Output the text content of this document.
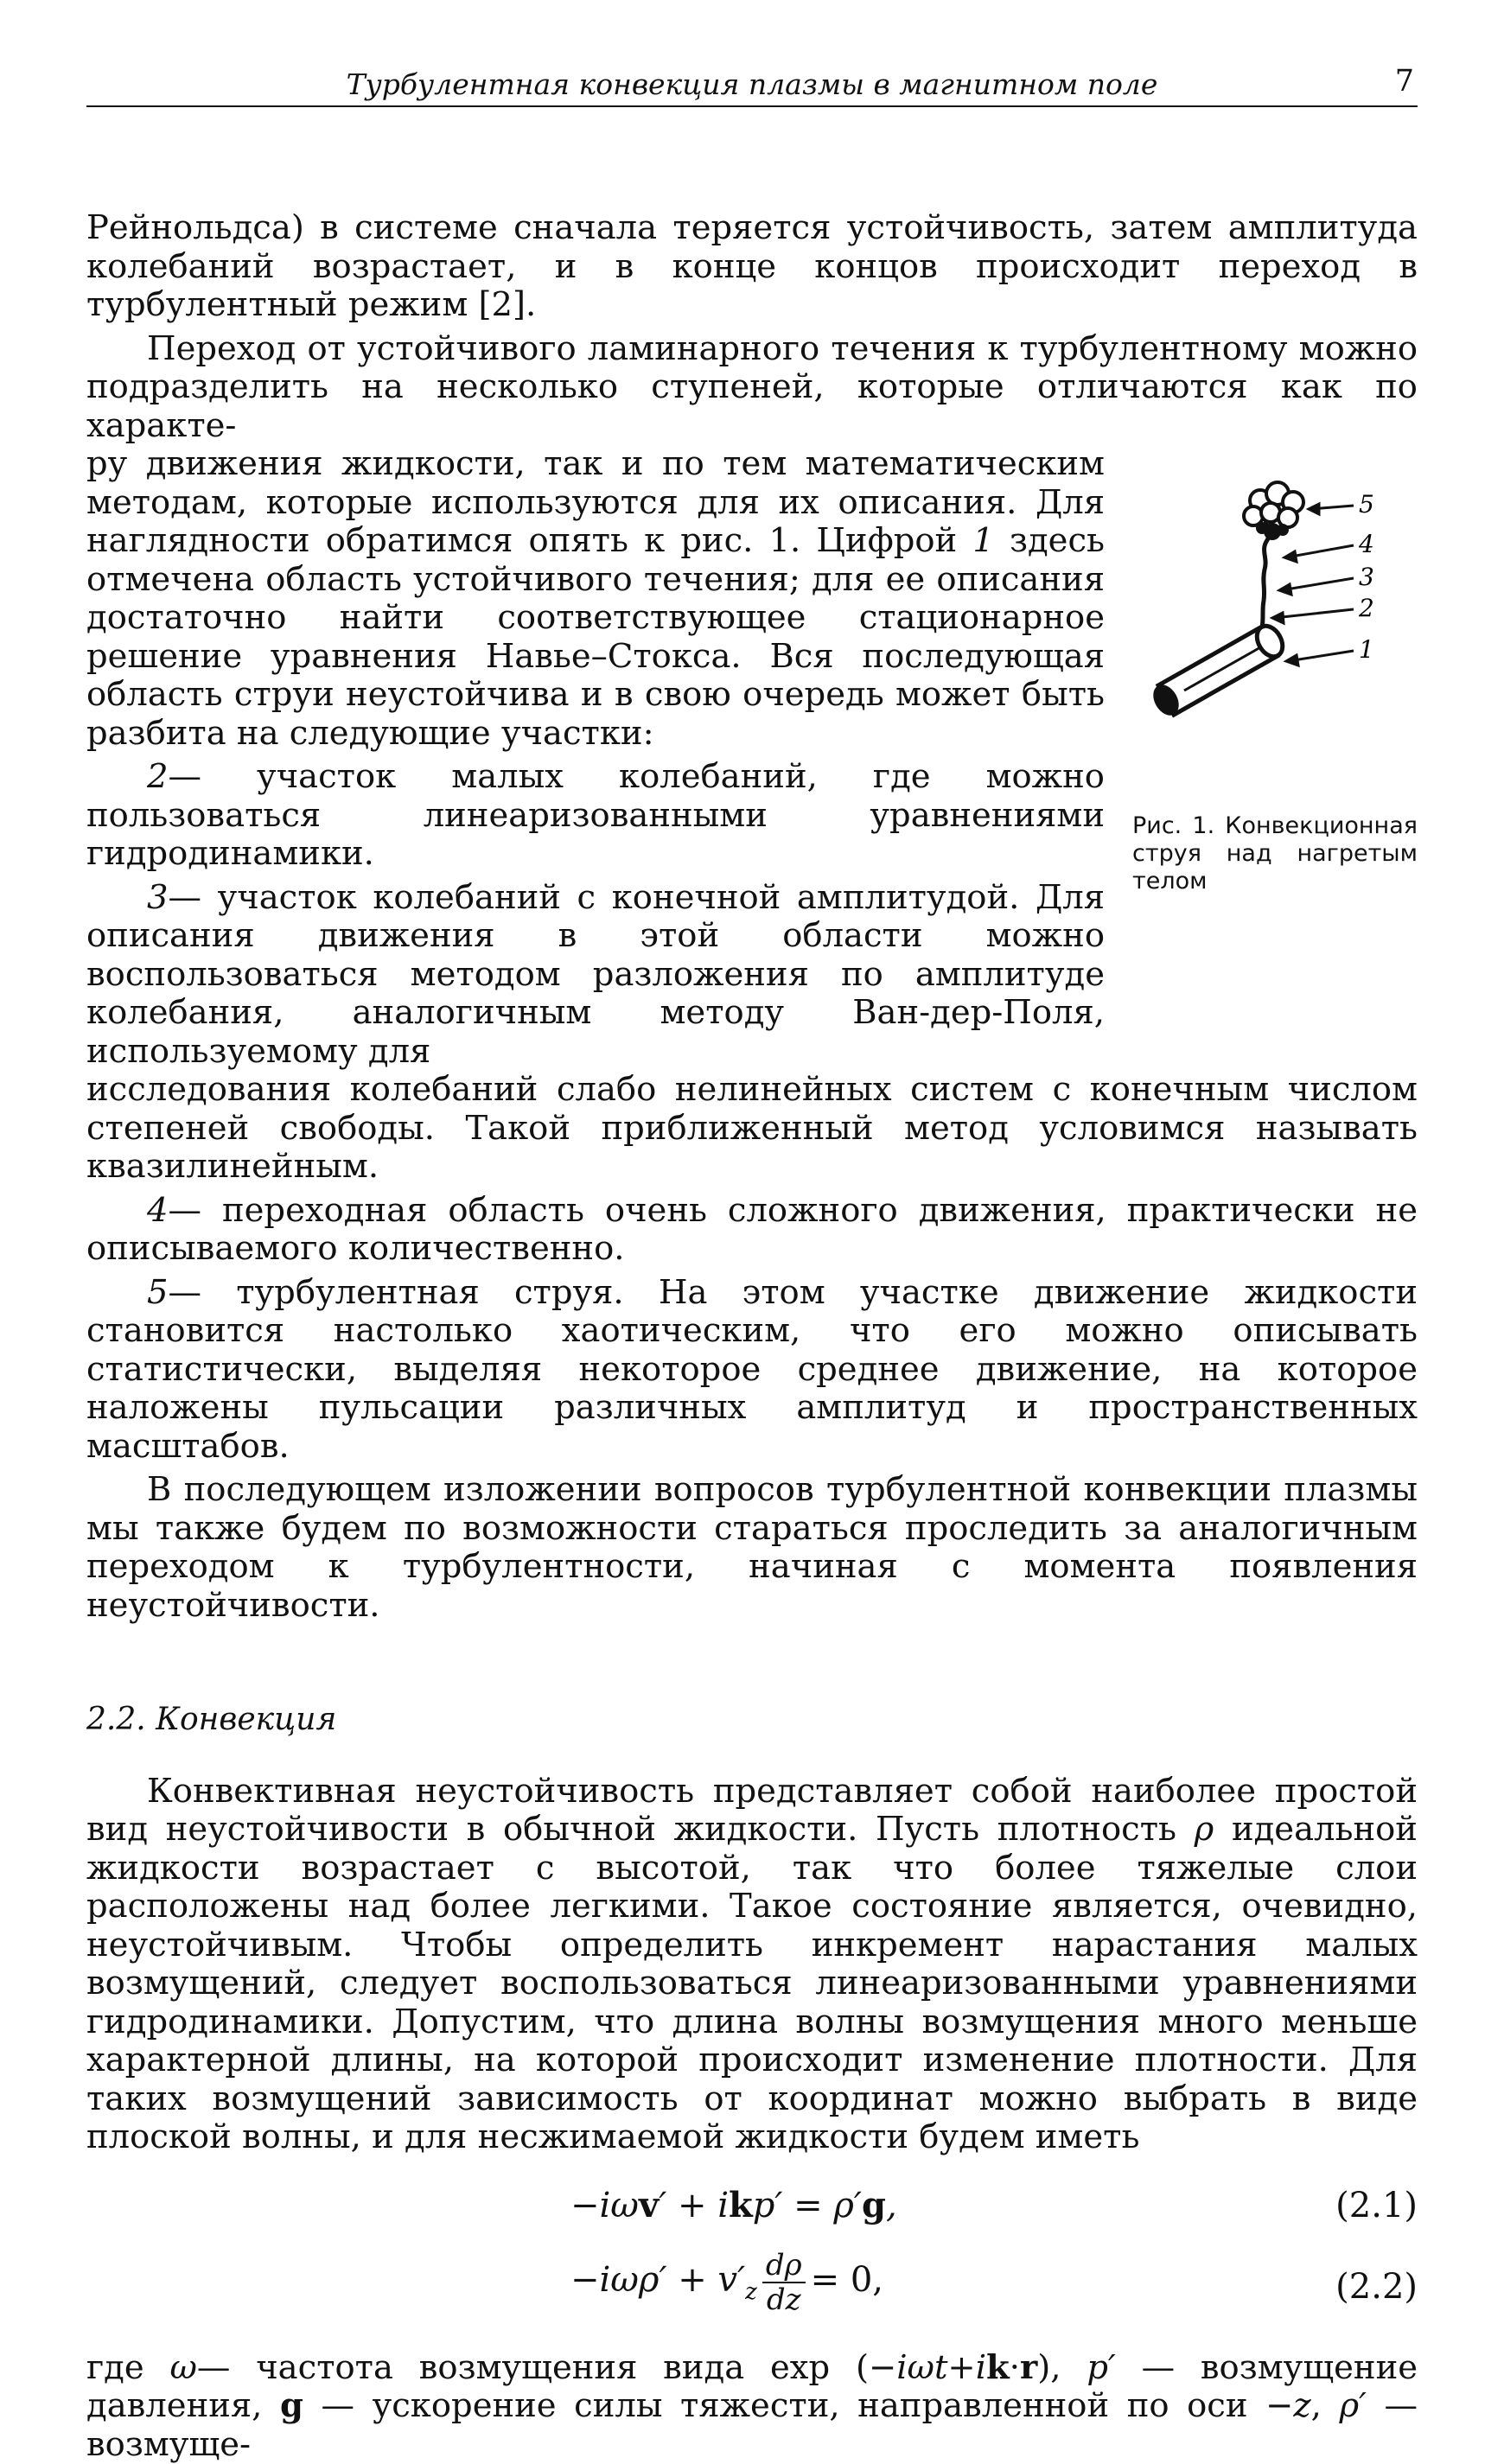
Турбулентная конвекция плазмы в магнитном поле	7

Рейнольдса) в системе сначала теряется устойчивость, затем амплитуда колебаний возрастает, и в конце концов происходит переход в турбулентный режим [2].

Переход от устойчивого ламинарного течения к турбулентному можно подразделить на несколько ступеней, которые отличаются как по характе-

5
4
3
2
1
Рис. 1. Конвекционная струя над нагретым телом

ру движения жидкости, так и по тем математическим методам, которые используются для их описания. Для наглядности обратимся опять к рис. 1. Цифрой 1 здесь отмечена область устойчивого течения; для ее описания достаточно найти соответствующее стационарное решение уравнения Навье–Стокса. Вся последующая область струи неустойчива и в свою очередь может быть разбита на следующие участки:

2— участок малых колебаний, где можно пользоваться линеаризованными уравнениями гидродинамики.

3— участок колебаний с конечной амплитудой. Для описания движения в этой области можно воспользоваться методом разложения по амплитуде колебания, аналогичным методу Ван-дер-Поля, используемому для

исследования колебаний слабо нелинейных систем с конечным числом степеней свободы. Такой приближенный метод условимся называть квазилинейным.

4— переходная область очень сложного движения, практически не описываемого количественно.

5— турбулентная струя. На этом участке движение жидкости становится настолько хаотическим, что его можно описывать статистически, выделяя некоторое среднее движение, на которое наложены пульсации различных амплитуд и пространственных масштабов.

В последующем изложении вопросов турбулентной конвекции плазмы мы также будем по возможности стараться проследить за аналогичным переходом к турбулентности, начиная с момента появления неустойчивости.

2.2. Конвекция

Конвективная неустойчивость представляет собой наиболее простой вид неустойчивости в обычной жидкости. Пусть плотность ρ идеальной жидкости возрастает с высотой, так что более тяжелые слои расположены над более легкими. Такое состояние является, очевидно, неустойчивым. Чтобы определить инкремент нарастания малых возмущений, следует воспользоваться линеаризованными уравнениями гидродинамики. Допустим, что длина волны возмущения много меньше характерной длины, на которой происходит изменение плотности. Для таких возмущений зависимость от координат можно выбрать в виде плоской волны, и для несжимаемой жидкости будем иметь

−iωv′ + ikp′ = ρ′g,	(2.1)
$-i\omega\rho' + v'_z \frac{d\rho}{dz} = 0$,	(2.2)

где ω— частота возмущения вида exp (−iωt+ik·r), p′ — возмущение давления, g — ускорение силы тяжести, направленной по оси −z, ρ′ — возмуще-
